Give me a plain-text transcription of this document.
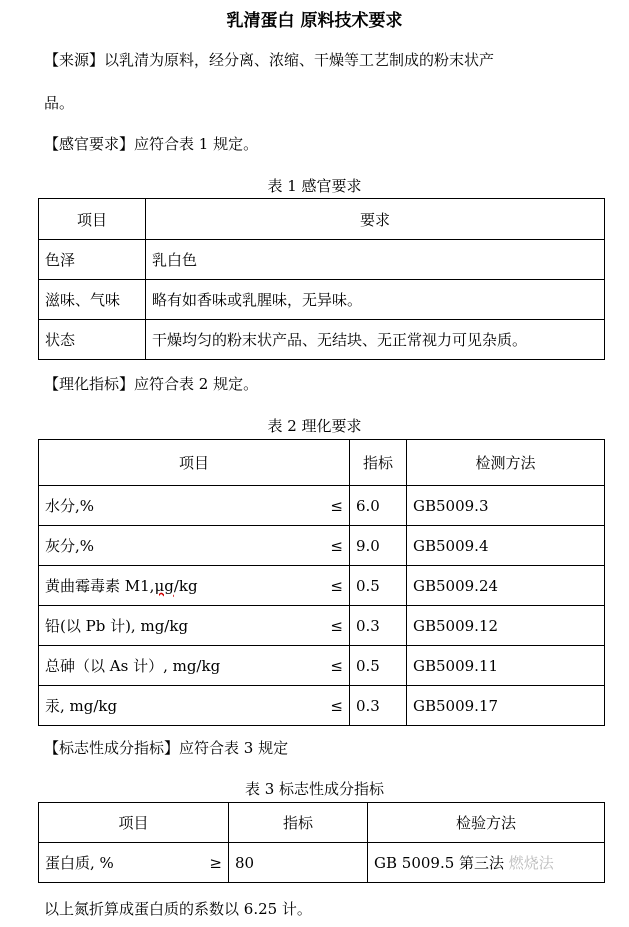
乳清蛋白 原料技术要求
【来源】以乳清为原料，经分离、浓缩、干燥等工艺制成的粉末状产
品。
【感官要求】应符合表 1 规定。
表 1 感官要求
项目	要求
色泽	乳白色
滋味、气味	略有如香味或乳腥味，无异味。
状态	干燥均匀的粉末状产品、无结块、无正常视力可见杂质。
【理化指标】应符合表 2 规定。
表 2 理化要求
项目	指标	检测方法

水分,% ≤	6.0	GB5009.3

灰分,% ≤	9.0	GB5009.4

黄曲霉毒素 M1,μg/kg ≤	0.5	GB5009.24

铅(以 Pb 计), mg/kg ≤	0.3	GB5009.12

总砷（以 As 计）, mg/kg ≤	0.5	GB5009.11

汞, mg/kg ≤	0.3	GB5009.17
【标志性成分指标】应符合表 3 规定
表 3 标志性成分指标
项目	指标	检验方法

蛋白质, % ≥	80	GB 5009.5 第三法 燃烧法
以上氮折算成蛋白质的系数以 6.25 计。
